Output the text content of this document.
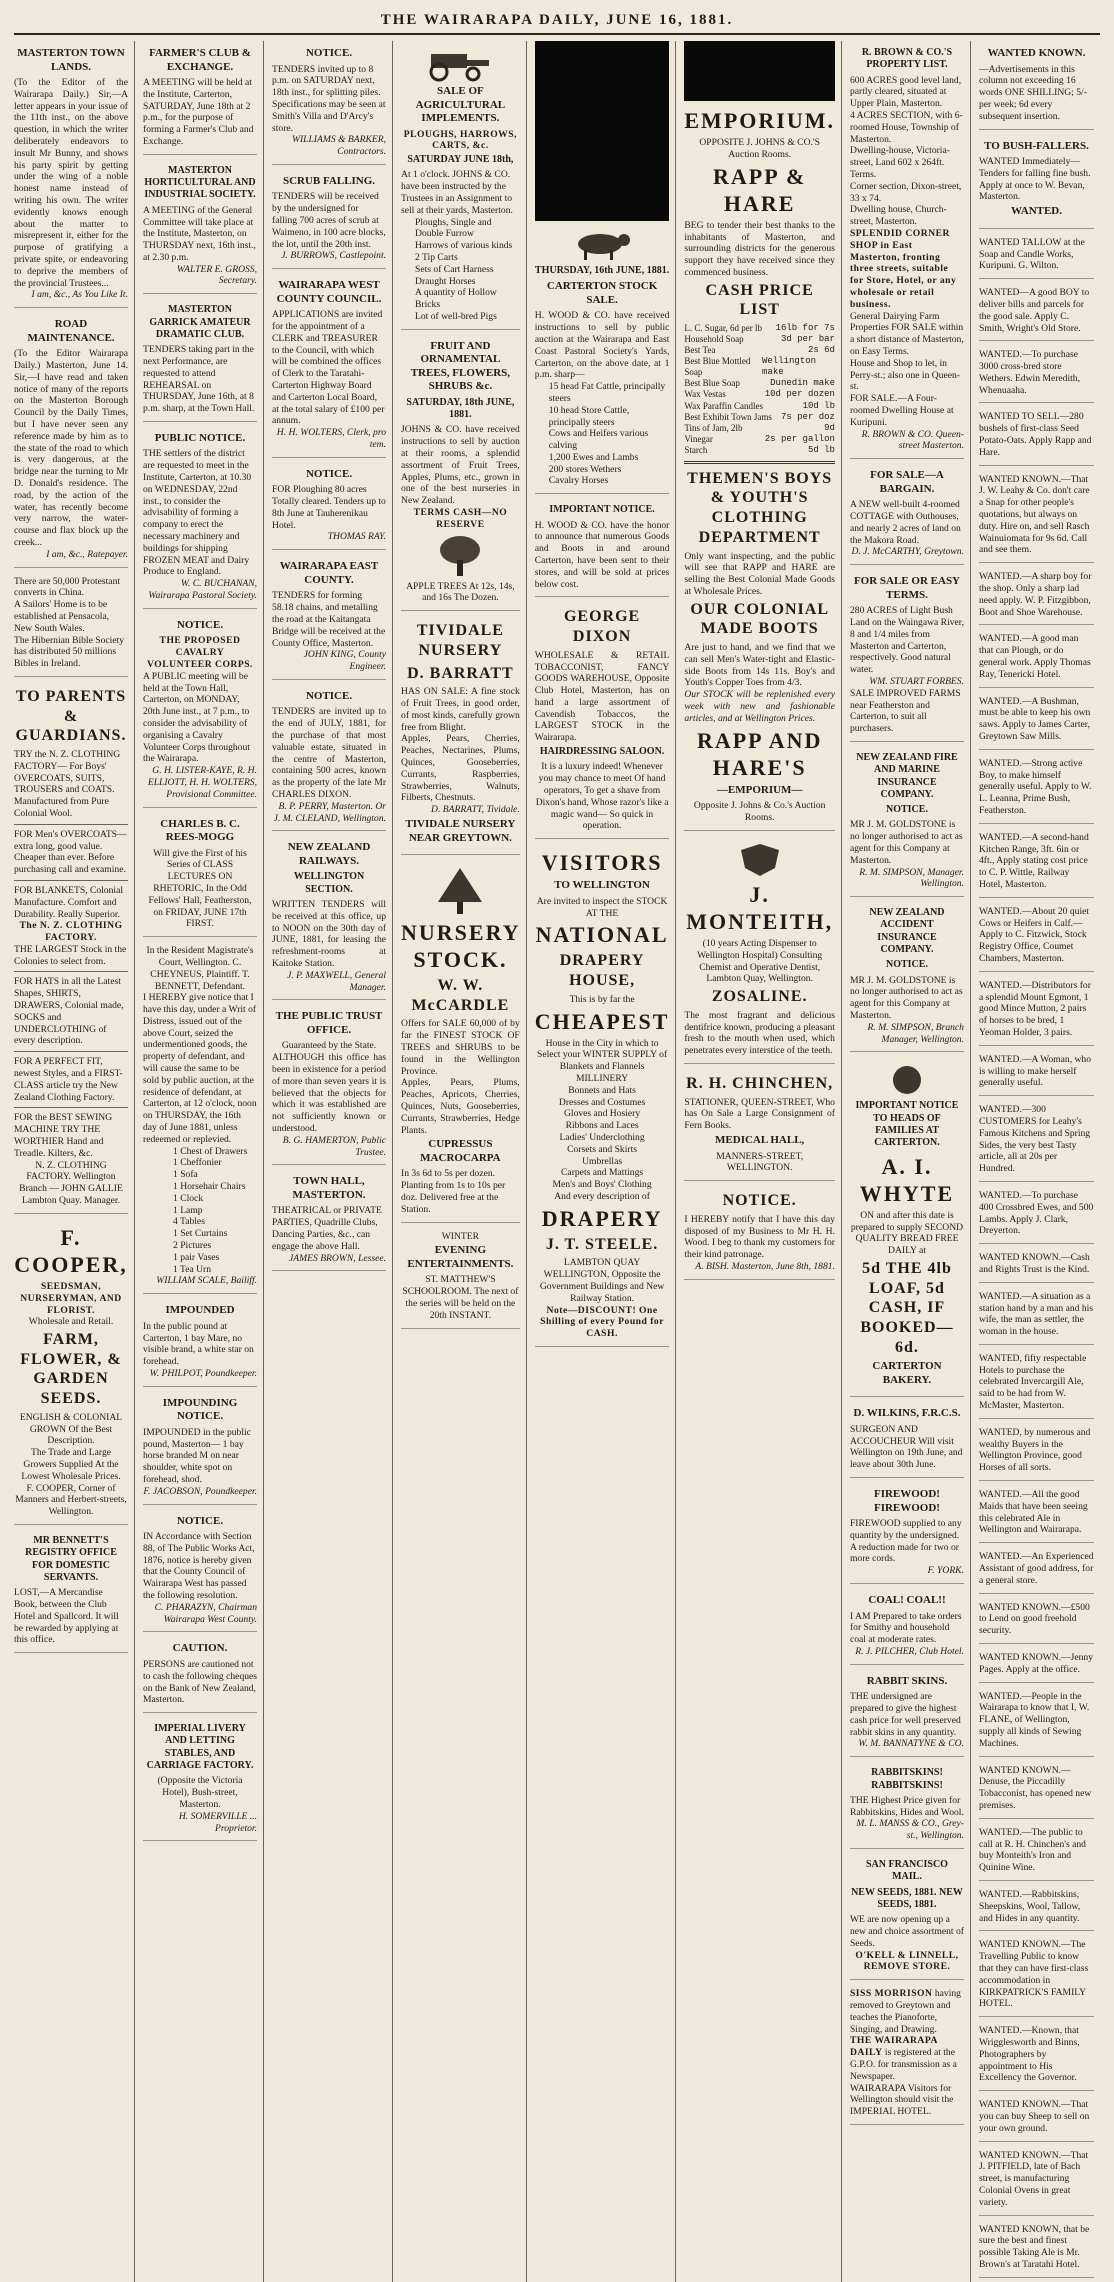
THE WAIRARAPA DAILY, JUNE 16, 1881.
MASTERTON TOWN LANDS.
(To the Editor of the Wairarapa Daily.) Sir,—A letter appears in your issue of the 11th inst., on the above question, in which the writer deliberately endeavors to insult Mr Bunny, and shows his party spirit by getting under the wing of a noble honest name instead of writing his own. The writer evidently knows enough about the matter to misrepresent it, either for the purpose of gratifying a private spite, or endeavoring to deprive the members of the provincial Trustees...
I am, &c., As You Like It.
ROAD MAINTENANCE.
(To the Editor Wairarapa Daily.) Masterton, June 14. Sir,—I have read and taken notice of many of the reports on the Masterton Borough Council by the Daily Times, but I have never seen any reference made by him as to the state of the road to which is very dangerous, at the bridge near the turning to Mr D. Donald's residence. The road, by the action of the water, has recently become very narrow, the water-course and flax block up the creek...
I am, &c., Ratepayer.
There are 50,000 Protestant converts in China.
A Sailors' Home is to be established at Pensacola, New South Wales.
The Hibernian Bible Society has distributed 50 millions Bibles in Ireland.
TO PARENTS & GUARDIANS.
TRY the N. Z. CLOTHING FACTORY— For Boys' OVERCOATS, SUITS, TROUSERS and COATS. Manufactured from Pure Colonial Wool.
FOR Men's OVERCOATS—extra long, good value. Cheaper than ever. Before purchasing call and examine.
FOR BLANKETS, Colonial Manufacture. Comfort and Durability. Really Superior.
The N. Z. CLOTHING FACTORY.
THE LARGEST Stock in the Colonies to select from.
FOR HATS in all the Latest Shapes, SHIRTS, DRAWERS, Colonial made, SOCKS and UNDERCLOTHING of every description.
FOR A PERFECT FIT, newest Styles, and a FIRST-CLASS article try the New Zealand Clothing Factory.
FOR the BEST SEWING MACHINE TRY THE WORTHIER Hand and Treadle. Kilters, &c.
N. Z. CLOTHING FACTORY. Wellington Branch — JOHN GALLIE Lambton Quay. Manager.
F. COOPER,
SEEDSMAN, NURSERYMAN, AND FLORIST.
Wholesale and Retail.
FARM, FLOWER, & GARDEN SEEDS.
ENGLISH & COLONIAL GROWN Of the Best Description.
The Trade and Large Growers Supplied At the Lowest Wholesale Prices.
F. COOPER, Corner of Manners and Herbert-streets, Wellington.
MR BENNETT'S REGISTRY OFFICE FOR DOMESTIC SERVANTS.
LOST,—A Mercandise Book, between the Club Hotel and Spallcord. It will be rewarded by applying at this office.
FARMER'S CLUB & EXCHANGE.
A MEETING will be held at the Institute, Carterton, SATURDAY, June 18th at 2 p.m., for the purpose of forming a Farmer's Club and Exchange.
MASTERTON HORTICULTURAL AND INDUSTRIAL SOCIETY.
A MEETING of the General Committee will take place at the Institute, Masterton, on THURSDAY next, 16th inst., at 2.30 p.m.
WALTER E. GROSS, Secretary.
MASTERTON GARRICK AMATEUR DRAMATIC CLUB.
TENDERS taking part in the next Performance, are requested to attend REHEARSAL on THURSDAY, June 16th, at 8 p.m. sharp, at the Town Hall.
PUBLIC NOTICE.
THE settlers of the district are requested to meet in the Institute, Carterton, at 10.30 on WEDNESDAY, 22nd inst., to consider the advisability of forming a company to erect the necessary machinery and buildings for shipping FROZEN MEAT and Dairy Produce to England.
W. C. BUCHANAN, Wairarapa Pastoral Society.
NOTICE.
THE PROPOSED CAVALRY VOLUNTEER CORPS.
A PUBLIC meeting will be held at the Town Hall, Carterton, on MONDAY, 20th June inst., at 7 p.m., to consider the advisability of organising a Cavalry Volunteer Corps throughout the Wairarapa.
G. H. LISTER-KAYE, R. H. ELLIOTT, H. H. WOLTERS, Provisional Committee.
CHARLES B. C. REES-MOGG
Will give the First of his Series of CLASS LECTURES ON RHETORIC, In the Odd Fellows' Hall, Featherston, on FRIDAY, JUNE 17th FIRST.
In the Resident Magistrate's Court, Wellington. C. CHEYNEUS, Plaintiff. T. BENNETT, Defendant.
I HEREBY give notice that I have this day, under a Writ of Distress, issued out of the above Court, seized the undermentioned goods, the property of defendant, and will cause the same to be sold by public auction, at the residence of defendant, at Carterton, at 12 o'clock, noon on THURSDAY, the 16th day of June 1881, unless redeemed or replevied.
1 Chest of Drawers
1 Cheffonier
1 Sofa
1 Horsehair Chairs
1 Clock
1 Lamp
4 Tables
1 Set Curtains
2 Pictures
1 pair Vases
1 Tea Urn
WILLIAM SCALE, Bailiff.
IMPOUNDED
In the public pound at Carterton, 1 bay Mare, no visible brand, a white star on forehead.
W. PHILPOT, Poundkeeper.
IMPOUNDING NOTICE.
IMPOUNDED in the public pound, Masterton— 1 bay horse branded M on near shoulder, white spot on forehead, shod.
F. JACOBSON, Poundkeeper.
NOTICE.
IN Accordance with Section 88, of The Public Works Act, 1876, notice is hereby given that the County Council of Wairarapa West has passed the following resolution.
C. PHARAZYN, Chairman Wairarapa West County.
CAUTION.
PERSONS are cautioned not to cash the following cheques on the Bank of New Zealand, Masterton.
IMPERIAL LIVERY AND LETTING STABLES, AND CARRIAGE FACTORY.
(Opposite the Victoria Hotel), Bush-street, Masterton.
H. SOMERVILLE ... Proprietor.
NOTICE.
TENDERS invited up to 8 p.m. on SATURDAY next, 18th inst., for splitting piles. Specifications may be seen at Smith's Villa and D'Arcy's store.
WILLIAMS & BARKER, Contractors.
SCRUB FALLING.
TENDERS will be received by the undersigned for falling 700 acres of scrub at Waimeno, in 100 acre blocks, the lot, until the 20th inst.
J. BURROWS, Castlepoint.
WAIRARAPA WEST COUNTY COUNCIL.
APPLICATIONS are invited for the appointment of a CLERK and TREASURER to the Council, with which will be combined the offices of Clerk to the Taratahi-Carterton Highway Board and Carterton Local Board, at the total salary of £100 per annum.
H. H. WOLTERS, Clerk, pro tem.
NOTICE.
FOR Ploughing 80 acres Totally cleared. Tenders up to 8th June at Tauherenikau Hotel.
THOMAS RAY.
WAIRARAPA EAST COUNTY.
TENDERS for forming 58.18 chains, and metalling the road at the Kaitangata Bridge will be received at the County Office, Masterton.
JOHN KING, County Engineer.
NOTICE.
TENDERS are invited up to the end of JULY, 1881, for the purchase of that most valuable estate, situated in the centre of Masterton, containing 500 acres, known as the property of the late Mr CHARLES DIXON.
B. P. PERRY, Masterton. Or J. M. CLELAND, Wellington.
NEW ZEALAND RAILWAYS.
WELLINGTON SECTION.
WRITTEN TENDERS will be received at this office, up to NOON on the 30th day of JUNE, 1881, for leasing the refreshment-rooms at Kaitoke Station.
J. P. MAXWELL, General Manager.
THE PUBLIC TRUST OFFICE.
Guaranteed by the State.
ALTHOUGH this office has been in existence for a period of more than seven years it is believed that the objects for which it was established are not sufficiently known or understood.
B. G. HAMERTON, Public Trustee.
TOWN HALL, MASTERTON.
THEATRICAL or PRIVATE PARTIES, Quadrille Clubs, Dancing Parties, &c., can engage the above Hall.
JAMES BROWN, Lessee.
SALE OF AGRICULTURAL IMPLEMENTS.
PLOUGHS, HARROWS, CARTS, &c.
SATURDAY JUNE 18th,
At 1 o'clock. JOHNS & CO. have been instructed by the Trustees in an Assignment to sell at their yards, Masterton.
Ploughs, Single and Double Furrow
Harrows of various kinds
2 Tip Carts
Sets of Cart Harness
Draught Horses
A quantity of Hollow Bricks
Lot of well-bred Pigs
FRUIT AND ORNAMENTAL TREES, FLOWERS, SHRUBS &c.
SATURDAY, 18th JUNE, 1881.
JOHNS & CO. have received instructions to sell by auction at their rooms, a splendid assortment of Fruit Trees, Apples, Plums, etc., grown in one of the best nurseries in New Zealand.
TERMS CASH—NO RESERVE
APPLE TREES At 12s, 14s, and 16s The Dozen.
TIVIDALE NURSERY
D. BARRATT
HAS ON SALE: A fine stock of Fruit Trees, in good order, of most kinds, carefully grown free from Blight.
Apples, Pears, Cherries, Peaches, Nectarines, Plums, Quinces, Gooseberries, Currants, Raspberries, Strawberries, Walnuts, Filberts, Chestnuts.
D. BARRATT, Tividale.
TIVIDALE NURSERY NEAR GREYTOWN.
NURSERY STOCK.
W. W. McCARDLE
Offers for SALE 60,000 of by far the FINEST STOCK OF TREES and SHRUBS to be found in the Wellington Province.
Apples, Pears, Plums, Peaches, Apricots, Cherries, Quinces, Nuts, Gooseberries, Currants, Strawberries, Hedge Plants.
CUPRESSUS MACROCARPA
In 3s 6d to 5s per dozen. Planting from 1s to 10s per doz. Delivered free at the Station.
WINTER
EVENING ENTERTAINMENTS.
ST. MATTHEW'S SCHOOLROOM. The next of the series will be held on the 20th INSTANT.
THURSDAY, 16th JUNE, 1881.
CARTERTON STOCK SALE.
H. WOOD & CO. have received instructions to sell by public auction at the Wairarapa and East Coast Pastoral Society's Yards, Carterton, on the above date, at 1 p.m. sharp—
15 head Fat Cattle, principally steers
10 head Store Cattle, principally steers
Cows and Heifers various calving
1,200 Ewes and Lambs
200 stores Wethers
Cavalry Horses
IMPORTANT NOTICE.
H. WOOD & CO. have the honor to announce that numerous Goods and Boots in and around Carterton, have been sent to their stores, and will be sold at prices below cost.
GEORGE DIXON
WHOLESALE & RETAIL TOBACCONIST, FANCY GOODS WAREHOUSE, Opposite Club Hotel, Masterton, has on hand a large assortment of Cavendish Tobaccos, the LARGEST STOCK in the Wairarapa.
HAIRDRESSING SALOON.
It is a luxury indeed! Whenever you may chance to meet Of hand operators, To get a shave from Dixon's hand, Whose razor's like a magic wand— So quick in operation.
VISITORS
TO WELLINGTON
Are invited to inspect the STOCK AT THE
NATIONAL
DRAPERY HOUSE,
This is by far the
CHEAPEST
House in the City in which to Select your WINTER SUPPLY of
Blankets and Flannels
MILLINERY
Bonnets and Hats
Dresses and Costumes
Gloves and Hosiery
Ribbons and Laces
Ladies' Underclothing
Corsets and Skirts
Umbrellas
Carpets and Mattings
Men's and Boys' Clothing
And every description of
DRAPERY
J. T. STEELE.
LAMBTON QUAY WELLINGTON, Opposite the Government Buildings and New Railway Station.
Note—DISCOUNT! One Shilling of every Pound for CASH.
EMPORIUM.
OPPOSITE J. JOHNS & CO.'S Auction Rooms.
RAPP & HARE
BEG to tender their best thanks to the inhabitants of Masterton, and surrounding districts for the generous support they have received since they commenced business.
CASH PRICE LIST
L. C. Sugar, 6d per lb 16lb for 7s
Household Soap	3d per bar
Best Tea	2s 6d
Best Blue Mottled Soap
Wellington make
Best Blue Soap	Dunedin make
Wax Vestas	10d per dozen
Wax Paraffin Candles	10d lb
Best Exhibit Town Jams 7s per doz
Tins of Jam, 2lb	9d
Vinegar	2s per gallon
Starch	5d lb
THEMEN'S BOYS & YOUTH'S CLOTHING DEPARTMENT
Only want inspecting, and the public will see that RAPP and HARE are selling the Best Colonial Made Goods at Wholesale Prices.
OUR COLONIAL MADE BOOTS
Are just to hand, and we find that we can sell Men's Water-tight and Elastic-side Boots from 14s 11s. Boy's and Youth's Copper Toes from 4/3.
Our STOCK will be replenished every week with new and fashionable articles, and at Wellington Prices.
RAPP AND HARE'S
—EMPORIUM—
Opposite J. Johns & Co.'s Auction Rooms.
J. MONTEITH,
(10 years Acting Dispenser to Wellington Hospital) Consulting Chemist and Operative Dentist, Lambton Quay, Wellington.
ZOSALINE.
The most fragrant and delicious dentifrice known, producing a pleasant fresh to the mouth when used, which penetrates every interstice of the teeth.
R. H. CHINCHEN,
STATIONER, QUEEN-STREET, Who has On Sale a Large Consignment of Fern Books.
MEDICAL HALL,
MANNERS-STREET, WELLINGTON.
NOTICE.
I HEREBY notify that I have this day disposed of my Business to Mr H. H. Wood. I beg to thank my customers for their kind patronage.
A. BISH. Masterton, June 8th, 1881.
R. BROWN & CO.'S PROPERTY LIST.
600 ACRES good level land, partly cleared, situated at Upper Plain, Masterton.
4 ACRES SECTION, with 6-roomed House, Township of Masterton.
Dwelling-house, Victoria-street, Land 602 x 264ft. Terms.
Corner section, Dixon-street, 33 x 74.
Dwelling house, Church-street, Masterton.
SPLENDID CORNER SHOP in East Masterton, fronting three streets, suitable for Store, Hotel, or any wholesale or retail business.
General Dairying Farm Properties FOR SALE within a short distance of Masterton, on Easy Terms.
House and Shop to let, in Perry-st.; also one in Queen-st.
FOR SALE.—A Four-roomed Dwelling House at Kuripuni.
R. BROWN & CO. Queen-street Masterton.
FOR SALE—A BARGAIN.
A NEW well-built 4-roomed COTTAGE with Outhouses, and nearly 2 acres of land on the Makora Road.
D. J. McCARTHY, Greytown.
FOR SALE OR EASY TERMS.
280 ACRES of Light Bush Land on the Waingawa River, 8 and 1/4 miles from Masterton and Carterton, respectively. Good natural water.
WM. STUART FORBES.
SALE IMPROVED FARMS near Featherston and Carterton, to suit all purchasers.
NEW ZEALAND FIRE AND MARINE INSURANCE COMPANY.
NOTICE.
MR J. M. GOLDSTONE is no longer authorised to act as agent for this Company at Masterton.
R. M. SIMPSON, Manager. Wellington.
NEW ZEALAND ACCIDENT INSURANCE COMPANY.
NOTICE.
MR J. M. GOLDSTONE is no longer authorised to act as agent for this Company at Masterton.
R. M. SIMPSON, Branch Manager, Wellington.
IMPORTANT NOTICE TO HEADS OF FAMILIES AT CARTERTON.
A. I. WHYTE
ON and after this date is prepared to supply SECOND QUALITY BREAD FREE DAILY at
5d THE 4lb LOAF, 5d CASH, IF BOOKED—6d.
CARTERTON BAKERY.
D. WILKINS, F.R.C.S.
SURGEON AND ACCOUCHEUR Will visit Wellington on 19th June, and leave about 30th June.
FIREWOOD! FIREWOOD!
FIREWOOD supplied to any quantity by the undersigned. A reduction made for two or more cords.
F. YORK.
COAL! COAL!!
I AM Prepared to take orders for Smithy and household coal at moderate rates.
R. J. PILCHER, Club Hotel.
RABBIT SKINS.
THE undersigned are prepared to give the highest cash price for well preserved rabbit skins in any quantity.
W. M. BANNATYNE & CO.
RABBITSKINS! RABBITSKINS!
THE Highest Price given for Rabbitskins, Hides and Wool.
M. L. MANSS & CO., Grey-st., Wellington.
SAN FRANCISCO MAIL.
NEW SEEDS, 1881. NEW SEEDS, 1881.
WE are now opening up a new and choice assortment of Seeds.
O'KELL & LINNELL, REMOVE STORE.
SISS MORRISON having removed to Greytown and teaches the Pianoforte, Singing, and Drawing.
THE WAIRARAPA DAILY is registered at the G.P.O. for transmission as a Newspaper.
WAIRARAPA Visitors for Wellington should visit the IMPERIAL HOTEL.
WANTED KNOWN.
—Advertisements in this column not exceeding 16 words ONE SHILLING; 5/- per week; 6d every subsequent insertion.
TO BUSH-FALLERS.
WANTED Immediately—Tenders for falling fine bush. Apply at once to W. Bevan, Masterton.
WANTED.
WANTED TALLOW at the Soap and Candle Works, Kuripuni. G. Wilton.
WANTED—A good BOY to deliver bills and parcels for the good sale. Apply C. Smith, Wright's Old Store.
WANTED.—To purchase 3000 cross-bred store Wethers. Edwin Meredith, Whenuaaha.
WANTED TO SELL—280 bushels of first-class Seed Potato-Oats. Apply Rapp and Hare.
WANTED KNOWN.—That J. W. Leahy & Co. don't care a Snap for other people's quotations, but always on duty. Hire on, and sell Rasch Wainuiomata for 9s 6d. Call and see them.
WANTED.—A sharp boy for the shop. Only a sharp lad need apply. W. P. Fitzgibbon, Boot and Shoe Warehouse.
WANTED.—A good man that can Plough, or do general work. Apply Thomas Ray, Tenericki Hotel.
WANTED.—A Bushman, must be able to keep his own saws. Apply to James Carter, Greytown Saw Mills.
WANTED.—Strong active Boy, to make himself generally useful. Apply to W. L. Leanna, Prime Bush, Featherston.
WANTED.—A second-hand Kitchen Range, 3ft. 6in or 4ft., Apply stating cost price to C. P. Wittle, Railway Hotel, Masterton.
WANTED.—About 20 quiet Cows or Heifers in Calf.—Apply to C. Fitzwick, Stock Registry Office, Coumet Chambers, Masterton.
WANTED.—Distributors for a splendid Mount Egmont, 1 good Mince Mutton, 2 pairs of horses to be bred, 1 Yeoman Holder, 3 pairs.
WANTED.—A Woman, who is willing to make herself generally useful.
WANTED.—300 CUSTOMERS for Leahy's Famous Kitchens and Spring Sides, the very best Tasty article, all at 20s per Hundred.
WANTED.—To purchase 400 Crossbred Ewes, and 500 Lambs. Apply J. Clark, Dreyerton.
WANTED KNOWN.—Cash and Rights Trust is the Kind.
WANTED.—A situation as a station hand by a man and his wife, the man as settler, the woman in the house.
WANTED, fifty respectable Hotels to purchase the celebrated Invercargill Ale, said to be had from W. McMaster, Masterton.
WANTED, by numerous and wealthy Buyers in the Wellington Province, good Horses of all sorts.
WANTED.—All the good Maids that have been seeing this celebrated Ale in Wellington and Wairarapa.
WANTED.—An Experienced Assistant of good address, for a general store.
WANTED KNOWN.—£500 to Lend on good freehold security.
WANTED KNOWN.—Jenny Pages. Apply at the office.
WANTED.—People in the Wairarapa to know that I, W. FLANE, of Wellington, supply all kinds of Sewing Machines.
WANTED KNOWN.—Denuse, the Piccadilly Tobacconist, has opened new premises.
WANTED.—The public to call at R. H. Chinchen's and buy Monteith's Iron and Quinine Wine.
WANTED.—Rabbitskins, Sheepskins, Wool, Tallow, and Hides in any quantity.
WANTED KNOWN.—The Travelling Public to know that they can have first-class accommodation in KIRKPATRICK'S FAMILY HOTEL.
WANTED.—Known, that Wrigglesworth and Binns, Photographers by appointment to His Excellency the Governor.
WANTED KNOWN.—That you can buy Sheep to sell on your own ground.
WANTED KNOWN.—That J. PITFIELD, late of Bach street, is manufacturing Colonial Ovens in great variety.
WANTED KNOWN, that be sure the best and finest possible Taking Ale is Mr. Brown's at Taratahi Hotel.
